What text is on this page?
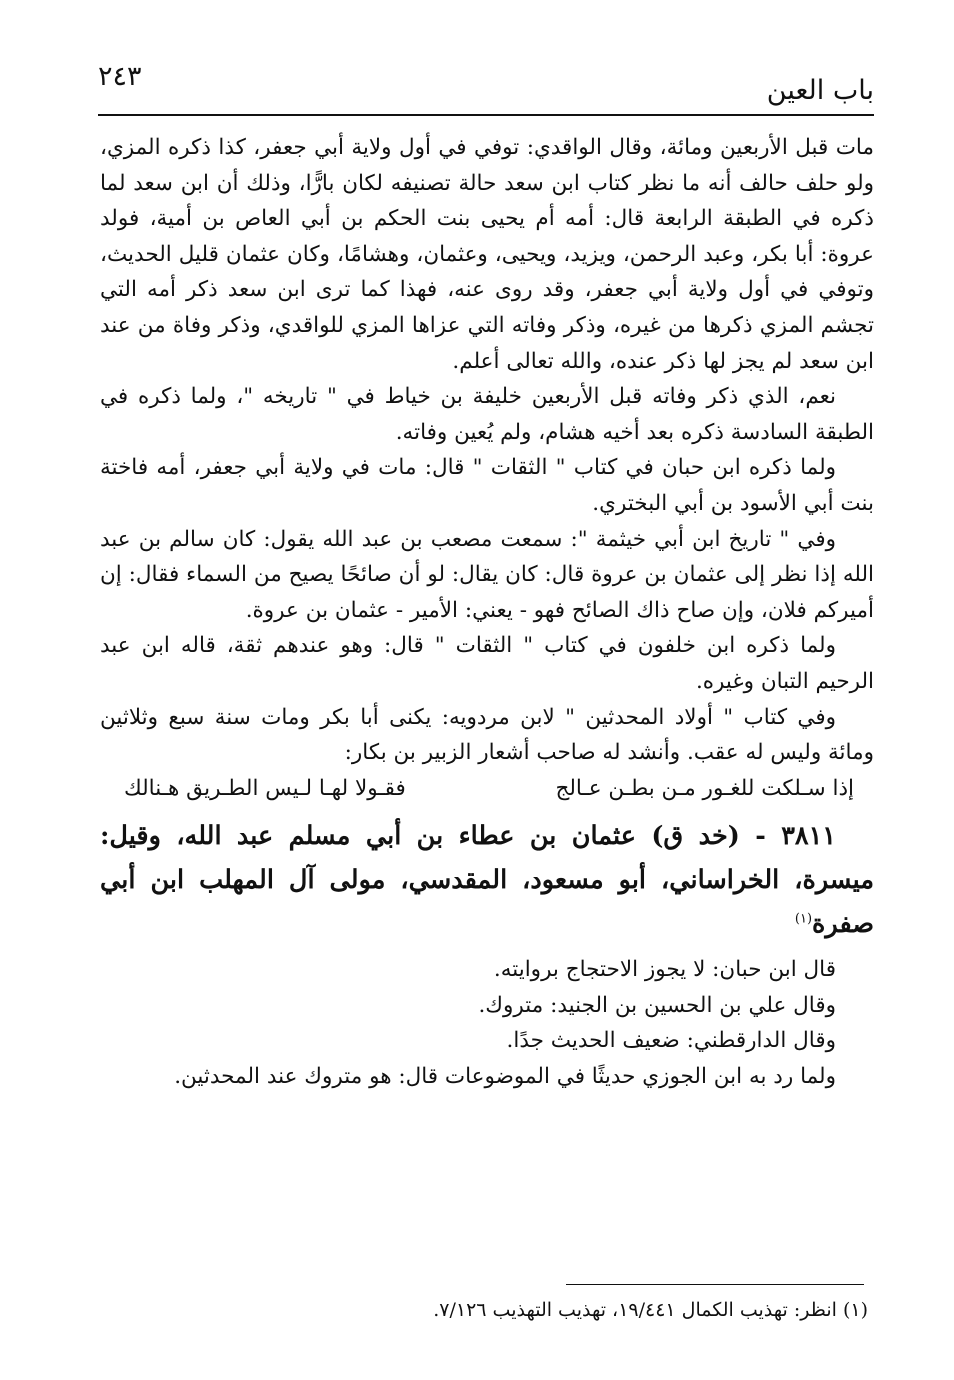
باب العين
٢٤٣

مات قبل الأربعين ومائة، وقال الواقدي: توفي في أول ولاية أبي جعفر، كذا ذكره المزي، ولو حلف حالف أنه ما نظر كتاب ابن سعد حالة تصنيفه لكان بارًّا، وذلك أن ابن سعد لما ذكره في الطبقة الرابعة قال: أمه أم يحيى بنت الحكم بن أبي العاص بن أمية، فولد عروة: أبا بكر، وعبد الرحمن، ويزيد، ويحيى، وعثمان، وهشامًا، وكان عثمان قليل الحديث، وتوفي في أول ولاية أبي جعفر، وقد روى عنه، فهذا كما ترى ابن سعد ذكر أمه التي تجشم المزي ذكرها من غيره، وذكر وفاته التي عزاها المزي للواقدي، وذكر وفاة من عند ابن سعد لم يجز لها ذكر عنده، والله تعالى أعلم.

نعم، الذي ذكر وفاته قبل الأربعين خليفة بن خياط في " تاريخه "، ولما ذكره في الطبقة السادسة ذكره بعد أخيه هشام، ولم يُعين وفاته.

ولما ذكره ابن حبان في كتاب " الثقات " قال: مات في ولاية أبي جعفر، أمه فاختة بنت أبي الأسود بن أبي البختري.

وفي " تاريخ ابن أبي خيثمة ": سمعت مصعب بن عبد الله يقول: كان سالم بن عبد الله إذا نظر إلى عثمان بن عروة قال: كان يقال: لو أن صائحًا يصيح من السماء فقال: إن أميركم فلان، وإن صاح ذاك الصائح فهو - يعني: الأمير - عثمان بن عروة.

ولما ذكره ابن خلفون في كتاب " الثقات " قال: وهو عندهم ثقة، قاله ابن عبد الرحيم التبان وغيره.

وفي كتاب " أولاد المحدثين " لابن مردويه: يكنى أبا بكر ومات سنة سبع وثلاثين ومائة وليس له عقب. وأنشد له صاحب أشعار الزبير بن بكار:

إذا سـلكت للغـور مـن بطـن عـالج
فقـولا لهـا لـيس الطـريق هـنالك

٣٨١١ - (خد ق) عثمان بن عطاء بن أبي مسلم عبد الله، وقيل: ميسرة، الخراساني، أبو مسعود، المقدسي، مولى آل المهلب ابن أبي صفرة$^{(١)}$

قال ابن حبان: لا يجوز الاحتجاج بروايته.

وقال علي بن الحسين بن الجنيد: متروك.

وقال الدارقطني: ضعيف الحديث جدًا.

ولما رد به ابن الجوزي حديثًا في الموضوعات قال: هو متروك عند المحدثين.

(١) انظر: تهذيب الكمال ١٩/٤٤١، تهذيب التهذيب ٧/١٢٦.
